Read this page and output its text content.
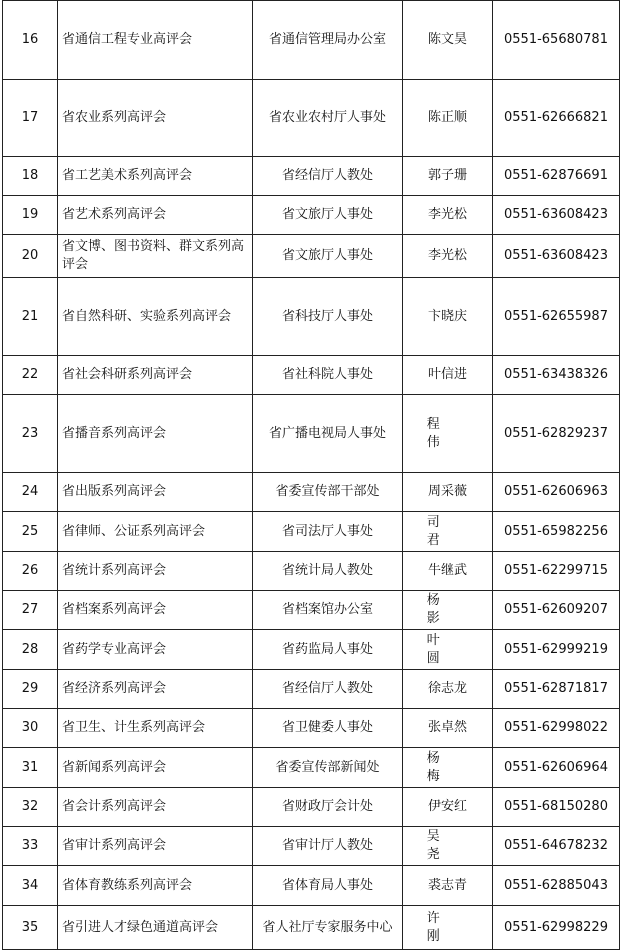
16	省通信工程专业高评会	省通信管理局办公室	陈文昊	0551-65680781
17	省农业系列高评会	省农业农村厅人事处	陈正顺	0551-62666821
18	省工艺美术系列高评会	省经信厅人教处	郭子珊	0551-62876691
19	省艺术系列高评会	省文旅厅人事处	李光松	0551-63608423
20	省文博、图书资料、群文系列高评会	省文旅厅人事处	李光松	0551-63608423
21	省自然科研、实验系列高评会	省科技厅人事处	卞晓庆	0551-62655987
22	省社会科研系列高评会	省社科院人事处	叶信进	0551-63438326
23	省播音系列高评会	省广播电视局人事处	程伟	0551-62829237
24	省出版系列高评会	省委宣传部干部处	周采薇	0551-62606963
25	省律师、公证系列高评会	省司法厅人事处	司君	0551-65982256
26	省统计系列高评会	省统计局人教处	牛继武	0551-62299715
27	省档案系列高评会	省档案馆办公室	杨影	0551-62609207
28	省药学专业高评会	省药监局人事处	叶圆	0551-62999219
29	省经济系列高评会	省经信厅人教处	徐志龙	0551-62871817
30	省卫生、计生系列高评会	省卫健委人事处	张卓然	0551-62998022
31	省新闻系列高评会	省委宣传部新闻处	杨梅	0551-62606964
32	省会计系列高评会	省财政厅会计处	伊安红	0551-68150280
33	省审计系列高评会	省审计厅人教处	吴尧	0551-64678232
34	省体育教练系列高评会	省体育局人事处	裘志青	0551-62885043
35	省引进人才绿色通道高评会	省人社厅专家服务中心	许刚	0551-62998229
